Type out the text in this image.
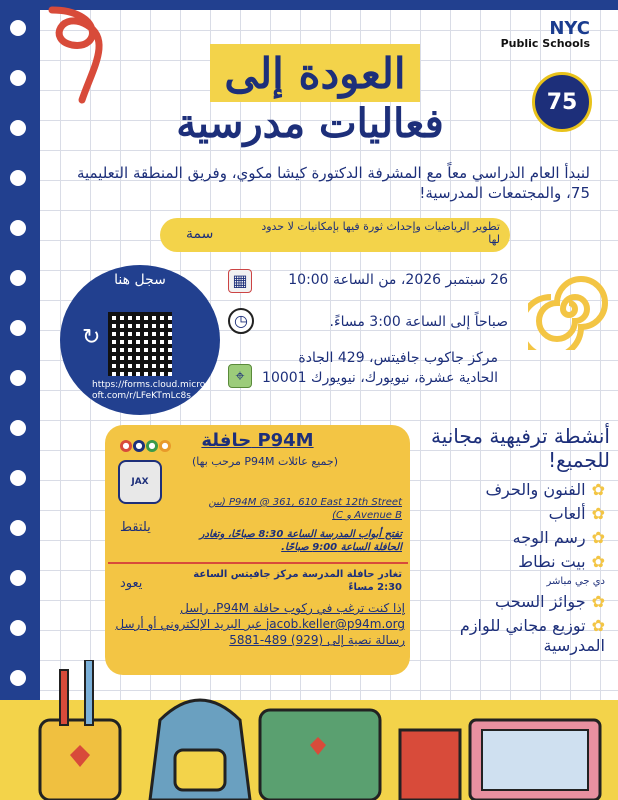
NYC
Public Schools
75
العودة إلى
فعاليات مدرسية
لنبدأ العام الدراسي معاً مع المشرفة الدكتورة كيشا مكوي، وفريق المنطقة التعليمية 75، والمجتمعات المدرسية!
سمة	تطوير الرياضيات وإحداث ثورة فيها بإمكانيات لا حدود لها
سجل هنا
↻
https://forms.cloud.microsoft.com/r/LFeKTmLc8s
▦	26 سبتمبر 2026، من الساعة 10:00
◷	صباحاً إلى الساعة 3:00 مساءً.
⌖
مركز جاكوب جافيتس، 429 الجادة الحادية عشرة، نيويورك، نيويورك 10001
● ● ● ●	حافلة P94M
(جميع عائلات P94M مرحب بها)
JAX
يلتقط
P94M @ 361, 610 East 12th Street (بين Avenue B و C)
تفتح أبواب المدرسة الساعة 8:30 صباحًا، وتغادر الحافلة الساعة 9:00 صباحًا.
يعود
تغادر حافلة المدرسة مركز جافيتس الساعة 2:30 مساءً
إذا كنت ترغب في ركوب حافلة P94M، راسل jacob.keller@p94m.org عبر البريد الإلكتروني أو أرسل رسالة نصية إلى (929) 489-5881
أنشطة ترفيهية مجانية للجميع!
✿الفنون والحرف
✿ألعاب
✿رسم الوجه
✿بيت نطاط
دي جي مباشر
✿جوائز السحب
✿توزيع مجاني للوازم المدرسية
